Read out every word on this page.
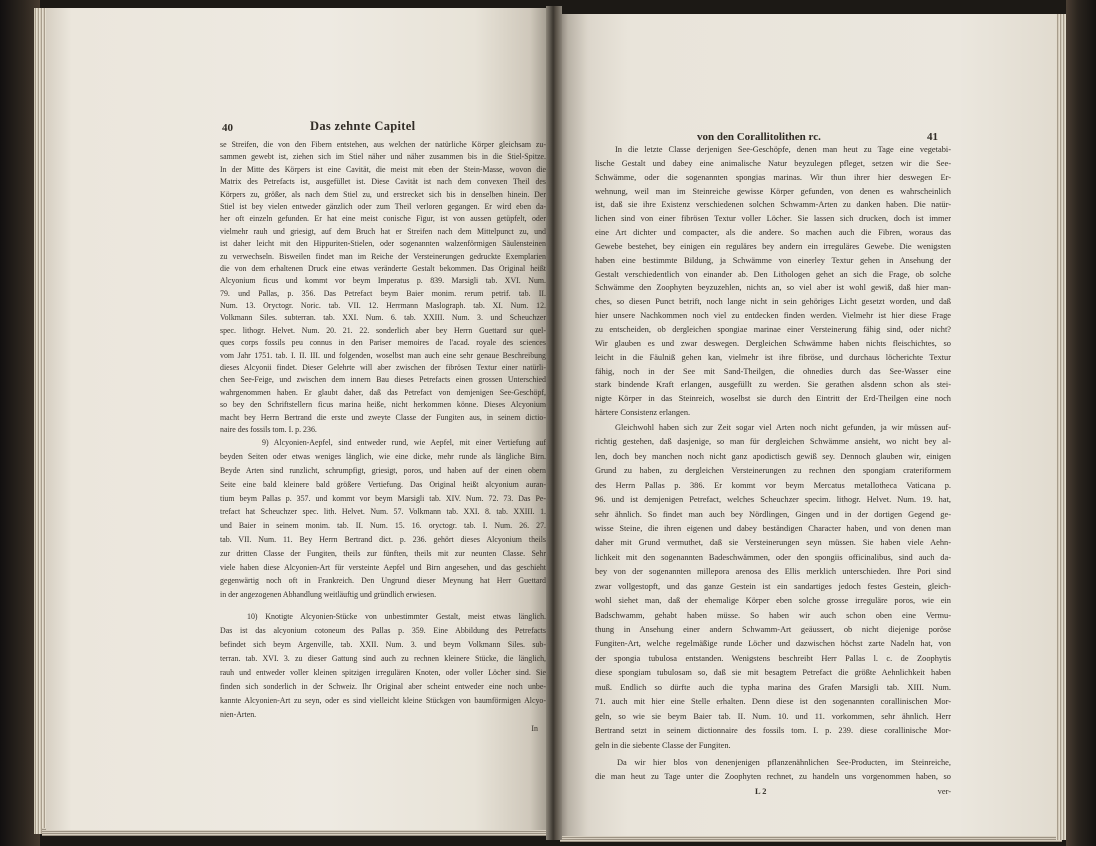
40	Das zehnte Capitel
se Streifen, die von den Fibern entstehen, aus welchen der natürliche Körper gleichsam zu-
sammen gewebt ist, ziehen sich im Stiel näher und näher zusammen bis in die Stiel-Spitze.
In der Mitte des Körpers ist eine Cavität, die meist mit eben der Stein-Masse, wovon die
Matrix des Petrefacts ist, ausgefüllet ist. Diese Cavität ist nach dem convexen Theil des
Körpers zu, größer, als nach dem Stiel zu, und erstrecket sich bis in denselben hinein. Der
Stiel ist bey vielen entweder gänzlich oder zum Theil verloren gegangen. Er wird eben da-
her oft einzeln gefunden. Er hat eine meist conische Figur, ist von aussen getüpfelt, oder
vielmehr rauh und griesigt, auf dem Bruch hat er Streifen nach dem Mittelpunct zu, und
ist daher leicht mit den Hippuriten-Stielen, oder sogenannten walzenförmigen Säulensteinen
zu verwechseln. Bisweilen findet man im Reiche der Versteinerungen gedruckte Exemplarien
die von dem erhaltenen Druck eine etwas veränderte Gestalt bekommen. Das Original heißt
Alcyonium ficus und kommt vor beym Imperatus p. 839. Marsigli tab. XVI. Num.
79. und Pallas, p. 356. Das Petrefact beym Baier monim. rerum petrif. tab. II.
Num. 13. Oryctogr. Noric. tab. VII. 12. Herrmann Maslograph. tab. XI. Num. 12.
Volkmann Siles. subterran. tab. XXI. Num. 6. tab. XXIII. Num. 3. und Scheuchzer
spec. lithogr. Helvet. Num. 20. 21. 22. sonderlich aber bey Herrn Guettard sur quel-
ques corps fossils peu connus in den Pariser memoires de l'acad. royale des sciences
vom Jahr 1751. tab. I. II. III. und folgenden, woselbst man auch eine sehr genaue Beschreibung
dieses Alcyonii findet. Dieser Gelehrte will aber zwischen der fibrösen Textur einer natürli-
chen See-Feige, und zwischen dem innern Bau dieses Petrefacts einen grossen Unterschied
wahrgenommen haben. Er glaubt daher, daß das Petrefact von demjenigen See-Geschöpf,
so bey den Schriftstellern ficus marina heiße, nicht herkommen könne. Dieses Alcyonium
macht bey Herrn Bertrand die erste und zweyte Classe der Fungiten aus, in seinem dictio-
naire des fossils tom. I. p. 236.
9) Alcyonien-Aepfel, sind entweder rund, wie Aepfel, mit einer Vertiefung auf
beyden Seiten oder etwas weniges länglich, wie eine dicke, mehr runde als längliche Birn.
Beyde Arten sind runzlicht, schrumpfigt, griesigt, poros, und haben auf der einen obern
Seite eine bald kleinere bald größere Vertiefung. Das Original heißt alcyonium auran-
tium beym Pallas p. 357. und kommt vor beym Marsigli tab. XIV. Num. 72. 73. Das Pe-
trefact hat Scheuchzer spec. lith. Helvet. Num. 57. Volkmann tab. XXI. 8. tab. XXIII. 1.
und Baier in seinem monim. tab. II. Num. 15. 16. oryctogr. tab. I. Num. 26. 27.
tab. VII. Num. 11. Bey Herrn Bertrand dict. p. 236. gehört dieses Alcyonium theils
zur dritten Classe der Fungiten, theils zur fünften, theils mit zur neunten Classe. Sehr
viele haben diese Alcyonien-Art für versteinte Aepfel und Birn angesehen, und das geschieht
gegenwärtig noch oft in Frankreich. Den Ungrund dieser Meynung hat Herr Guettard
in der angezogenen Abhandlung weitläuftig und gründlich erwiesen.
10) Knotigte Alcyonien-Stücke von unbestimmter Gestalt, meist etwas länglich.
Das ist das alcyonium cotoneum des Pallas p. 359. Eine Abbildung des Petrefacts
befindet sich beym Argenville, tab. XXII. Num. 3. und beym Volkmann Siles. sub-
terran. tab. XVI. 3. zu dieser Gattung sind auch zu rechnen kleinere Stücke, die länglich,
rauh und entweder voller kleinen spitzigen irregulären Knoten, oder voller Löcher sind. Sie
finden sich sonderlich in der Schweiz. Ihr Original aber scheint entweder eine noch unbe-
kannte Alcyonien-Art zu seyn, oder es sind vielleicht kleine Stückgen von baumförmigen Alcyo-
nien-Arten.
In
von den Corallitolithen rc.	41
In die letzte Classe derjenigen See-Geschöpfe, denen man heut zu Tage eine vegetabi-
lische Gestalt und dabey eine animalische Natur beyzulegen pfleget, setzen wir die See-
Schwämme, oder die sogenannten spongias marinas. Wir thun ihrer hier deswegen Er-
wehnung, weil man im Steinreiche gewisse Körper gefunden, von denen es wahrscheinlich
ist, daß sie ihre Existenz verschiedenen solchen Schwamm-Arten zu danken haben. Die natür-
lichen sind von einer fibrösen Textur voller Löcher. Sie lassen sich drucken, doch ist immer
eine Art dichter und compacter, als die andere. So machen auch die Fibren, woraus das
Gewebe bestehet, bey einigen ein reguläres bey andern ein irreguläres Gewebe. Die wenigsten
haben eine bestimmte Bildung, ja Schwämme von einerley Textur gehen in Ansehung der
Gestalt verschiedentlich von einander ab. Den Lithologen gehet an sich die Frage, ob solche
Schwämme den Zoophyten beyzuzehlen, nichts an, so viel aber ist wohl gewiß, daß hier man-
ches, so diesen Punct betrift, noch lange nicht in sein gehöriges Licht gesetzt worden, und daß
hier unsere Nachkommen noch viel zu entdecken finden werden. Vielmehr ist hier diese Frage
zu entscheiden, ob dergleichen spongiae marinae einer Versteinerung fähig sind, oder nicht?
Wir glauben es und zwar deswegen. Dergleichen Schwämme haben nichts fleischichtes, so
leicht in die Fäulniß gehen kan, vielmehr ist ihre fibröse, und durchaus löcherichte Textur
fähig, noch in der See mit Sand-Theilgen, die ohnedies durch das See-Wasser eine
stark bindende Kraft erlangen, ausgefüllt zu werden. Sie gerathen alsdenn schon als stei-
nigte Körper in das Steinreich, woselbst sie durch den Eintritt der Erd-Theilgen eine noch
härtere Consistenz erlangen.
Gleichwohl haben sich zur Zeit sogar viel Arten noch nicht gefunden, ja wir müssen auf-
richtig gestehen, daß dasjenige, so man für dergleichen Schwämme ansieht, wo nicht bey al-
len, doch bey manchen noch nicht ganz apodictisch gewiß sey. Dennoch glauben wir, einigen
Grund zu haben, zu dergleichen Versteinerungen zu rechnen den spongiam crateriformem
des Herrn Pallas p. 386. Er kommt vor beym Mercatus metallotheca Vaticana p.
96. und ist demjenigen Petrefact, welches Scheuchzer specim. lithogr. Helvet. Num. 19. hat,
sehr ähnlich. So findet man auch bey Nördlingen, Gingen und in der dortigen Gegend ge-
wisse Steine, die ihren eigenen und dabey beständigen Character haben, und von denen man
daher mit Grund vermuthet, daß sie Versteinerungen seyn müssen. Sie haben viele Aehn-
lichkeit mit den sogenannten Badeschwämmen, oder den spongiis officinalibus, sind auch da-
bey von der sogenannten millepora arenosa des Ellis merklich unterschieden. Ihre Pori sind
zwar vollgestopft, und das ganze Gestein ist ein sandartiges jedoch festes Gestein, gleich-
wohl siehet man, daß der ehemalige Körper eben solche grosse irreguläre poros, wie ein
Badschwamm, gehabt haben müsse. So haben wir auch schon oben eine Vermu-
thung in Ansehung einer andern Schwamm-Art geäussert, ob nicht diejenige poröse
Fungiten-Art, welche regelmäßige runde Löcher und dazwischen höchst zarte Nadeln hat, von
der spongia tubulosa entstanden. Wenigstens beschreibt Herr Pallas l. c. de Zoophytis
diese spongiam tubulosam so, daß sie mit besagtem Petrefact die größte Aehnlichkeit haben
muß. Endlich so dürfte auch die typha marina des Grafen Marsigli tab. XIII. Num.
71. auch mit hier eine Stelle erhalten. Denn diese ist den sogenannten corallinischen Mor-
geln, so wie sie beym Baier tab. II. Num. 10. und 11. vorkommen, sehr ähnlich. Herr
Bertrand setzt in seinem dictionnaire des fossils tom. I. p. 239. diese corallinische Mor-
geln in die siebente Classe der Fungiten.
Da wir hier blos von denenjenigen pflanzenähnlichen See-Producten, im Steinreiche,
die man heut zu Tage unter die Zoophyten rechnet, zu handeln uns vorgenommen haben, so
L 2	ver-
